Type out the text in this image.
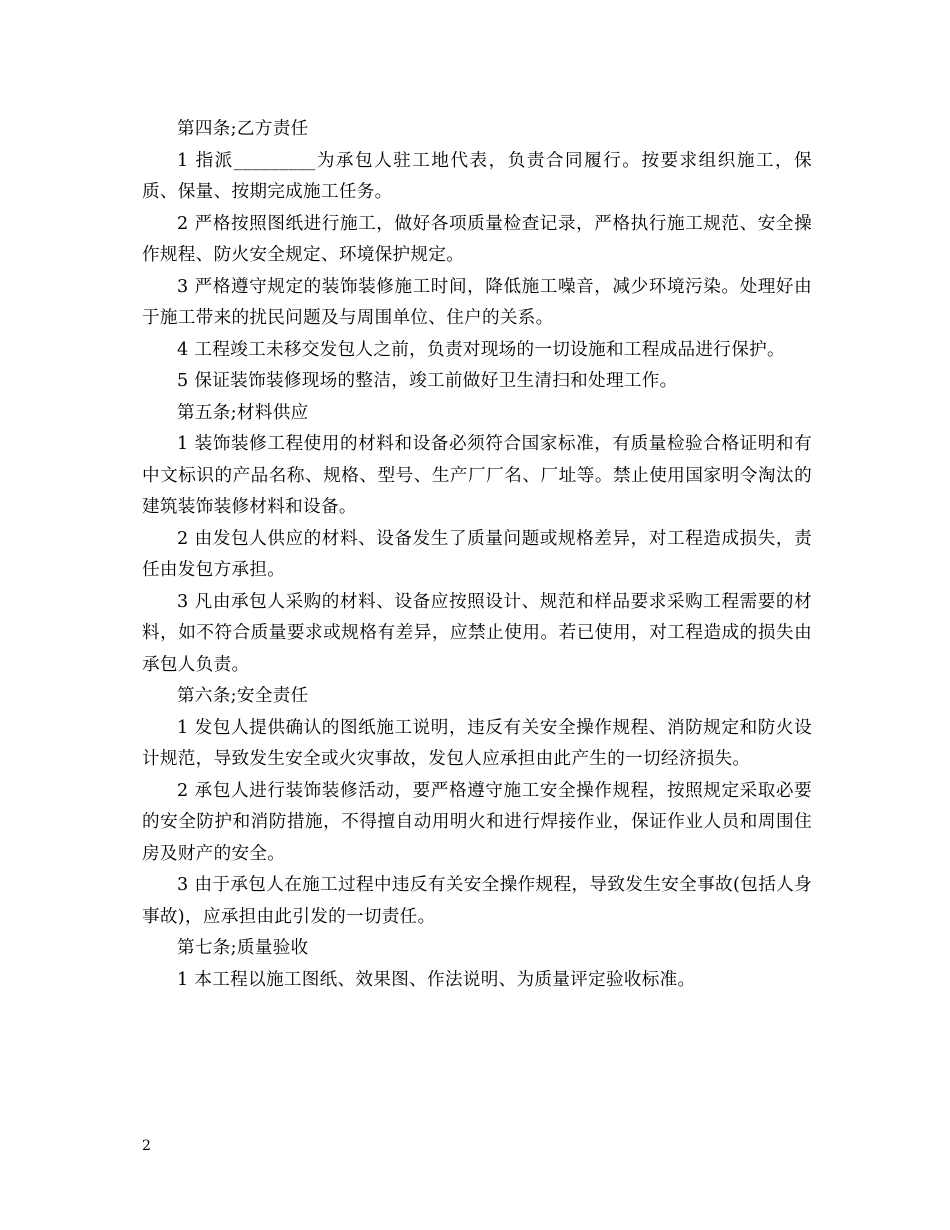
第四条;乙方责任

1 指派_________为承包人驻工地代表，负责合同履行。按要求组织施工，保质、保量、按期完成施工任务。

2 严格按照图纸进行施工，做好各项质量检查记录，严格执行施工规范、安全操作规程、防火安全规定、环境保护规定。

3 严格遵守规定的装饰装修施工时间，降低施工噪音，减少环境污染。处理好由于施工带来的扰民问题及与周围单位、住户的关系。

4 工程竣工未移交发包人之前，负责对现场的一切设施和工程成品进行保护。

5 保证装饰装修现场的整洁，竣工前做好卫生清扫和处理工作。

第五条;材料供应

1 装饰装修工程使用的材料和设备必须符合国家标准，有质量检验合格证明和有中文标识的产品名称、规格、型号、生产厂厂名、厂址等。禁止使用国家明令淘汰的建筑装饰装修材料和设备。

2 由发包人供应的材料、设备发生了质量问题或规格差异，对工程造成损失，责任由发包方承担。

3 凡由承包人采购的材料、设备应按照设计、规范和样品要求采购工程需要的材料，如不符合质量要求或规格有差异，应禁止使用。若已使用，对工程造成的损失由承包人负责。

第六条;安全责任

1 发包人提供确认的图纸施工说明，违反有关安全操作规程、消防规定和防火设计规范，导致发生安全或火灾事故，发包人应承担由此产生的一切经济损失。

2 承包人进行装饰装修活动，要严格遵守施工安全操作规程，按照规定采取必要的安全防护和消防措施，不得擅自动用明火和进行焊接作业，保证作业人员和周围住房及财产的安全。

3 由于承包人在施工过程中违反有关安全操作规程，导致发生安全事故(包括人身事故)，应承担由此引发的一切责任。

第七条;质量验收

1 本工程以施工图纸、效果图、作法说明、为质量评定验收标准。

2
